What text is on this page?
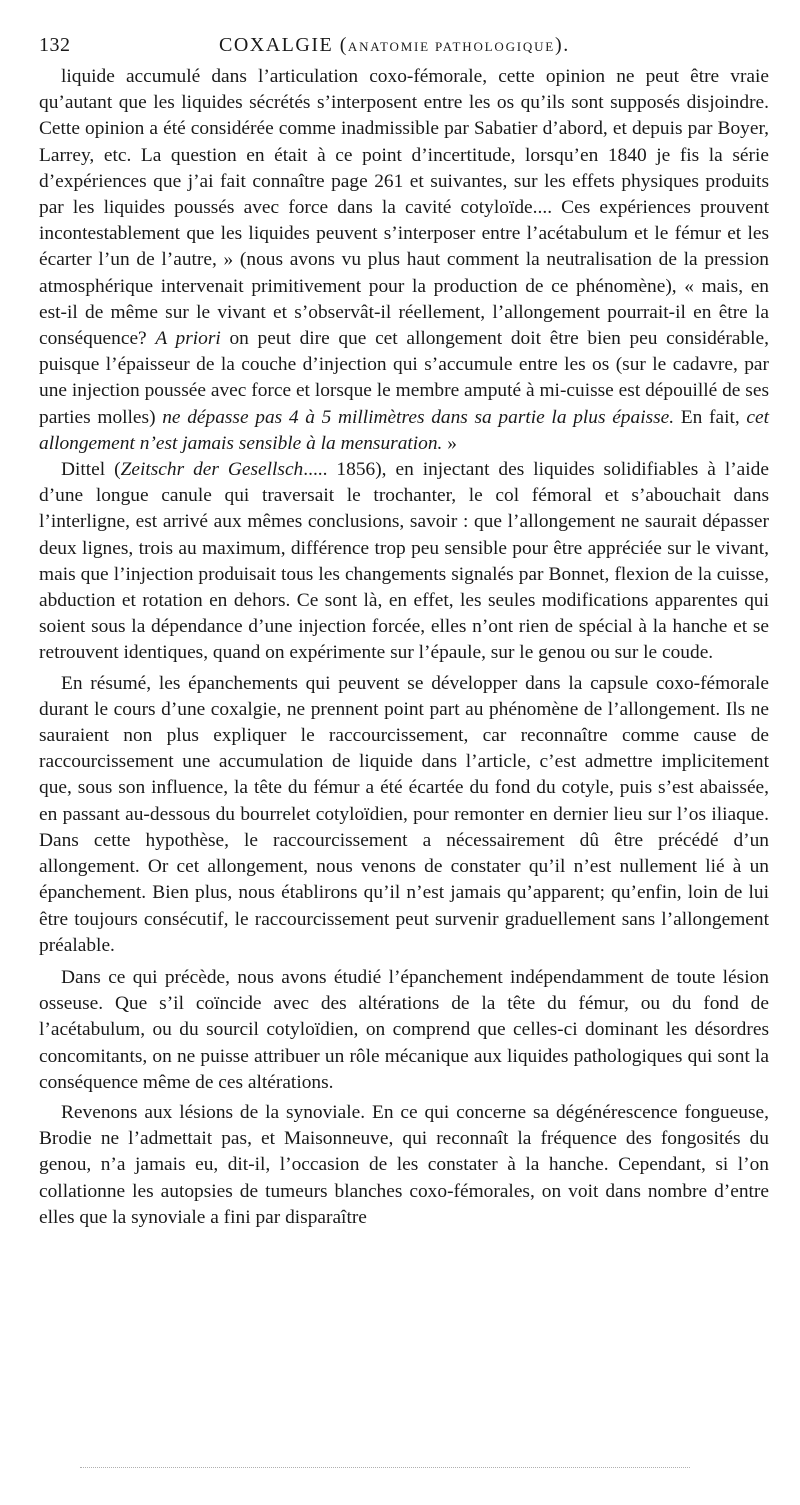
132	COXALGIE (ANATOMIE PATHOLOGIQUE).

liquide accumulé dans l’articulation coxo-fémorale, cette opinion ne peut être vraie qu’autant que les liquides sécrétés s’interposent entre les os qu’ils sont supposés disjoindre. Cette opinion a été considérée comme inadmissible par Sabatier d’abord, et depuis par Boyer, Larrey, etc. La question en était à ce point d’incertitude, lorsqu’en 1840 je fis la série d’expériences que j’ai fait connaître page 261 et suivantes, sur les effets physiques produits par les liquides poussés avec force dans la cavité cotyloïde.... Ces expériences prouvent incontestablement que les liquides peuvent s’interposer entre l’acétabulum et le fémur et les écarter l’un de l’autre, » (nous avons vu plus haut comment la neutralisation de la pression atmosphérique intervenait primitivement pour la production de ce phénomène), « mais, en est-il de même sur le vivant et s’observât-il réellement, l’allongement pourrait-il en être la conséquence? A priori on peut dire que cet allongement doit être bien peu considérable, puisque l’épaisseur de la couche d’injection qui s’accumule entre les os (sur le cadavre, par une injection poussée avec force et lorsque le membre amputé à mi-cuisse est dépouillé de ses parties molles) ne dépasse pas 4 à 5 millimètres dans sa partie la plus épaisse. En fait, cet allongement n’est jamais sensible à la mensuration. »

Dittel (Zeitschr der Gesellsch..... 1856), en injectant des liquides solidifiables à l’aide d’une longue canule qui traversait le trochanter, le col fémoral et s’abouchait dans l’interligne, est arrivé aux mêmes conclusions, savoir : que l’allongement ne saurait dépasser deux lignes, trois au maximum, différence trop peu sensible pour être appréciée sur le vivant, mais que l’injection produisait tous les changements signalés par Bonnet, flexion de la cuisse, abduction et rotation en dehors. Ce sont là, en effet, les seules modifications apparentes qui soient sous la dépendance d’une injection forcée, elles n’ont rien de spécial à la hanche et se retrouvent identiques, quand on expérimente sur l’épaule, sur le genou ou sur le coude.

En résumé, les épanchements qui peuvent se développer dans la capsule coxo-fémorale durant le cours d’une coxalgie, ne prennent point part au phénomène de l’allongement. Ils ne sauraient non plus expliquer le raccourcissement, car reconnaître comme cause de raccourcissement une accumulation de liquide dans l’article, c’est admettre implicitement que, sous son influence, la tête du fémur a été écartée du fond du cotyle, puis s’est abaissée, en passant au-dessous du bourrelet cotyloïdien, pour remonter en dernier lieu sur l’os iliaque. Dans cette hypothèse, le raccourcissement a nécessairement dû être précédé d’un allongement. Or cet allongement, nous venons de constater qu’il n’est nullement lié à un épanchement. Bien plus, nous établirons qu’il n’est jamais qu’apparent; qu’enfin, loin de lui être toujours consécutif, le raccourcissement peut survenir graduellement sans l’allongement préalable.

Dans ce qui précède, nous avons étudié l’épanchement indépendamment de toute lésion osseuse. Que s’il coïncide avec des altérations de la tête du fémur, ou du fond de l’acétabulum, ou du sourcil cotyloïdien, on comprend que celles-ci dominant les désordres concomitants, on ne puisse attribuer un rôle mécanique aux liquides pathologiques qui sont la conséquence même de ces altérations.

Revenons aux lésions de la synoviale. En ce qui concerne sa dégénérescence fongueuse, Brodie ne l’admettait pas, et Maisonneuve, qui reconnaît la fréquence des fongosités du genou, n’a jamais eu, dit-il, l’occasion de les constater à la hanche. Cependant, si l’on collationne les autopsies de tumeurs blanches coxo-fémorales, on voit dans nombre d’entre elles que la synoviale a fini par disparaître
